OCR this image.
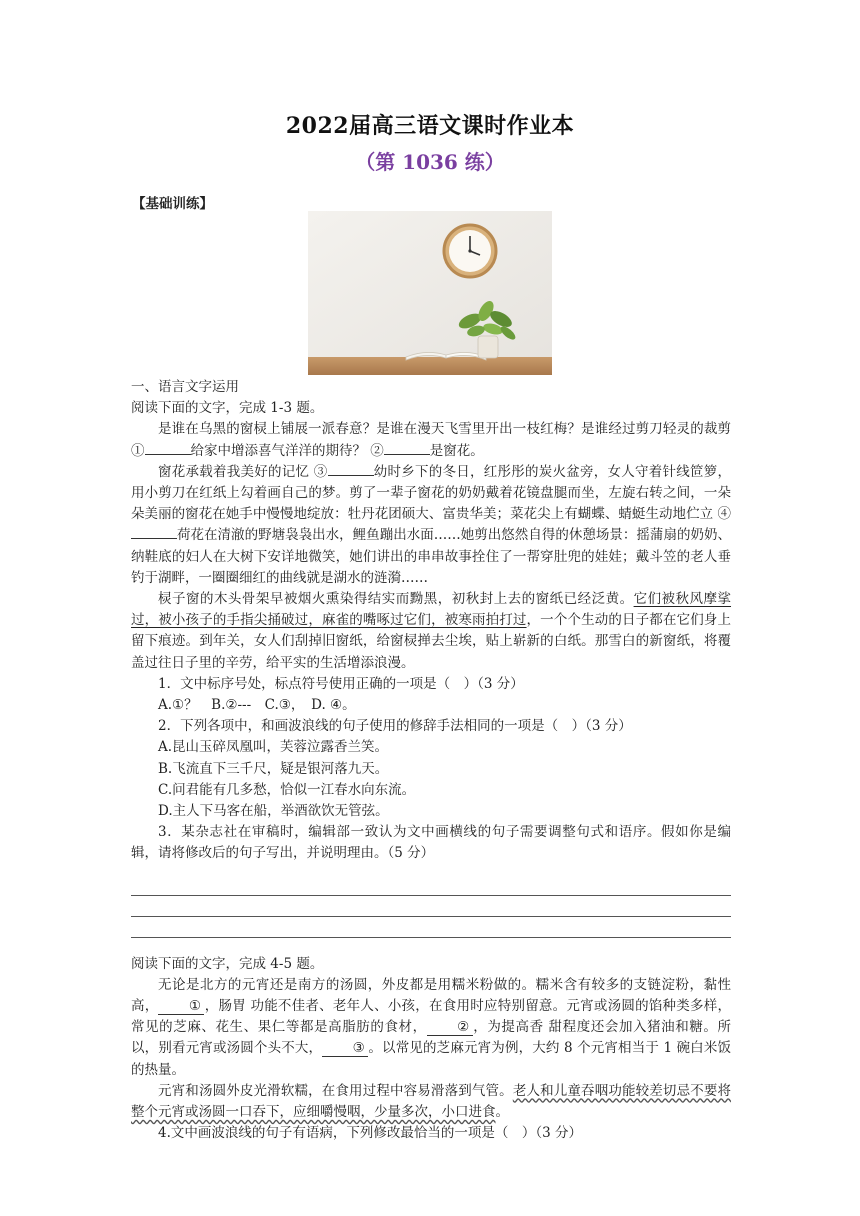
2022届高三语文课时作业本
（第 1036 练）
【基础训练】

一、语言文字运用

阅读下面的文字，完成 1-3 题。

是谁在乌黑的窗棂上铺展一派春意？是谁在漫天飞雪里开出一枝红梅？是谁经过剪刀轻灵的裁剪 ①	给家中增添喜气洋洋的期待？ ②	是窗花。

窗花承载着我美好的记忆 ③	幼时乡下的冬日，红彤彤的炭火盆旁，女人守着针线笸箩，用小剪刀在红纸上勾着画自己的梦。剪了一辈子窗花的奶奶戴着花镜盘腿而坐，左旋右转之间，一朵朵美丽的窗花在她手中慢慢地绽放：牡丹花团硕大、富贵华美；菜花尖上有蝴蝶、蜻蜓生动地伫立 ④荷花在清澈的野塘袅袅出水，鲤鱼蹦出水面……她剪出悠然自得的休憩场景：摇蒲扇的奶奶、纳鞋底的妇人在大树下安详地微笑，她们讲出的串串故事拴住了一帮穿肚兜的娃娃；戴斗笠的老人垂钓于湖畔，一圈圈细红的曲线就是湖水的涟漪……

棂子窗的木头骨架早被烟火熏染得结实而黝黑，初秋封上去的窗纸已经泛黄。它们被秋风摩挲过，被小孩子的手指尖捅破过，麻雀的嘴啄过它们，被寒雨拍打过，一个个生动的日子都在它们身上留下痕迹。到年关，女人们刮掉旧窗纸，给窗棂掸去尘埃，贴上崭新的白纸。那雪白的新窗纸，将覆盖过往日子里的辛劳，给平实的生活增添浪漫。

1．文中标序号处，标点符号使用正确的一项是（　）（3 分）

A.①？　B.②---　C.③，　D. ④。

2．下列各项中，和画波浪线的句子使用的修辞手法相同的一项是（　）（3 分）

A.昆山玉碎凤凰叫，芙蓉泣露香兰笑。

B.飞流直下三千尺，疑是银河落九天。

C.问君能有几多愁，恰似一江春水向东流。

D.主人下马客在船，举酒欲饮无管弦。

3．某杂志社在审稿时，编辑部一致认为文中画横线的句子需要调整句式和语序。假如你是编辑，请将修改后的句子写出，并说明理由。（5 分）

阅读下面的文字，完成 4-5 题。

无论是北方的元宵还是南方的汤圆，外皮都是用糯米粉做的。糯米含有较多的支链淀粉，黏性高， ① ，肠胃 功能不佳者、老年人、小孩，在食用时应特别留意。元宵或汤圆的馅种类多样，常见的芝麻、花生、果仁等都是高脂肪的食材， ② ，为提高香 甜程度还会加入猪油和糖。所以，别看元宵或汤圆个头不大， ③ 。以常见的芝麻元宵为例，大约 8 个元宵相当于 1 碗白米饭的热量。

元宵和汤圆外皮光滑软糯，在食用过程中容易滑落到气管。老人和儿童吞咽功能较差切忌不要将整个元宵或汤圆一口吞下，应细嚼慢咽，少量多次，小口进食。

4.文中画波浪线的句子有语病，下列修改最恰当的一项是（　）（3 分）
